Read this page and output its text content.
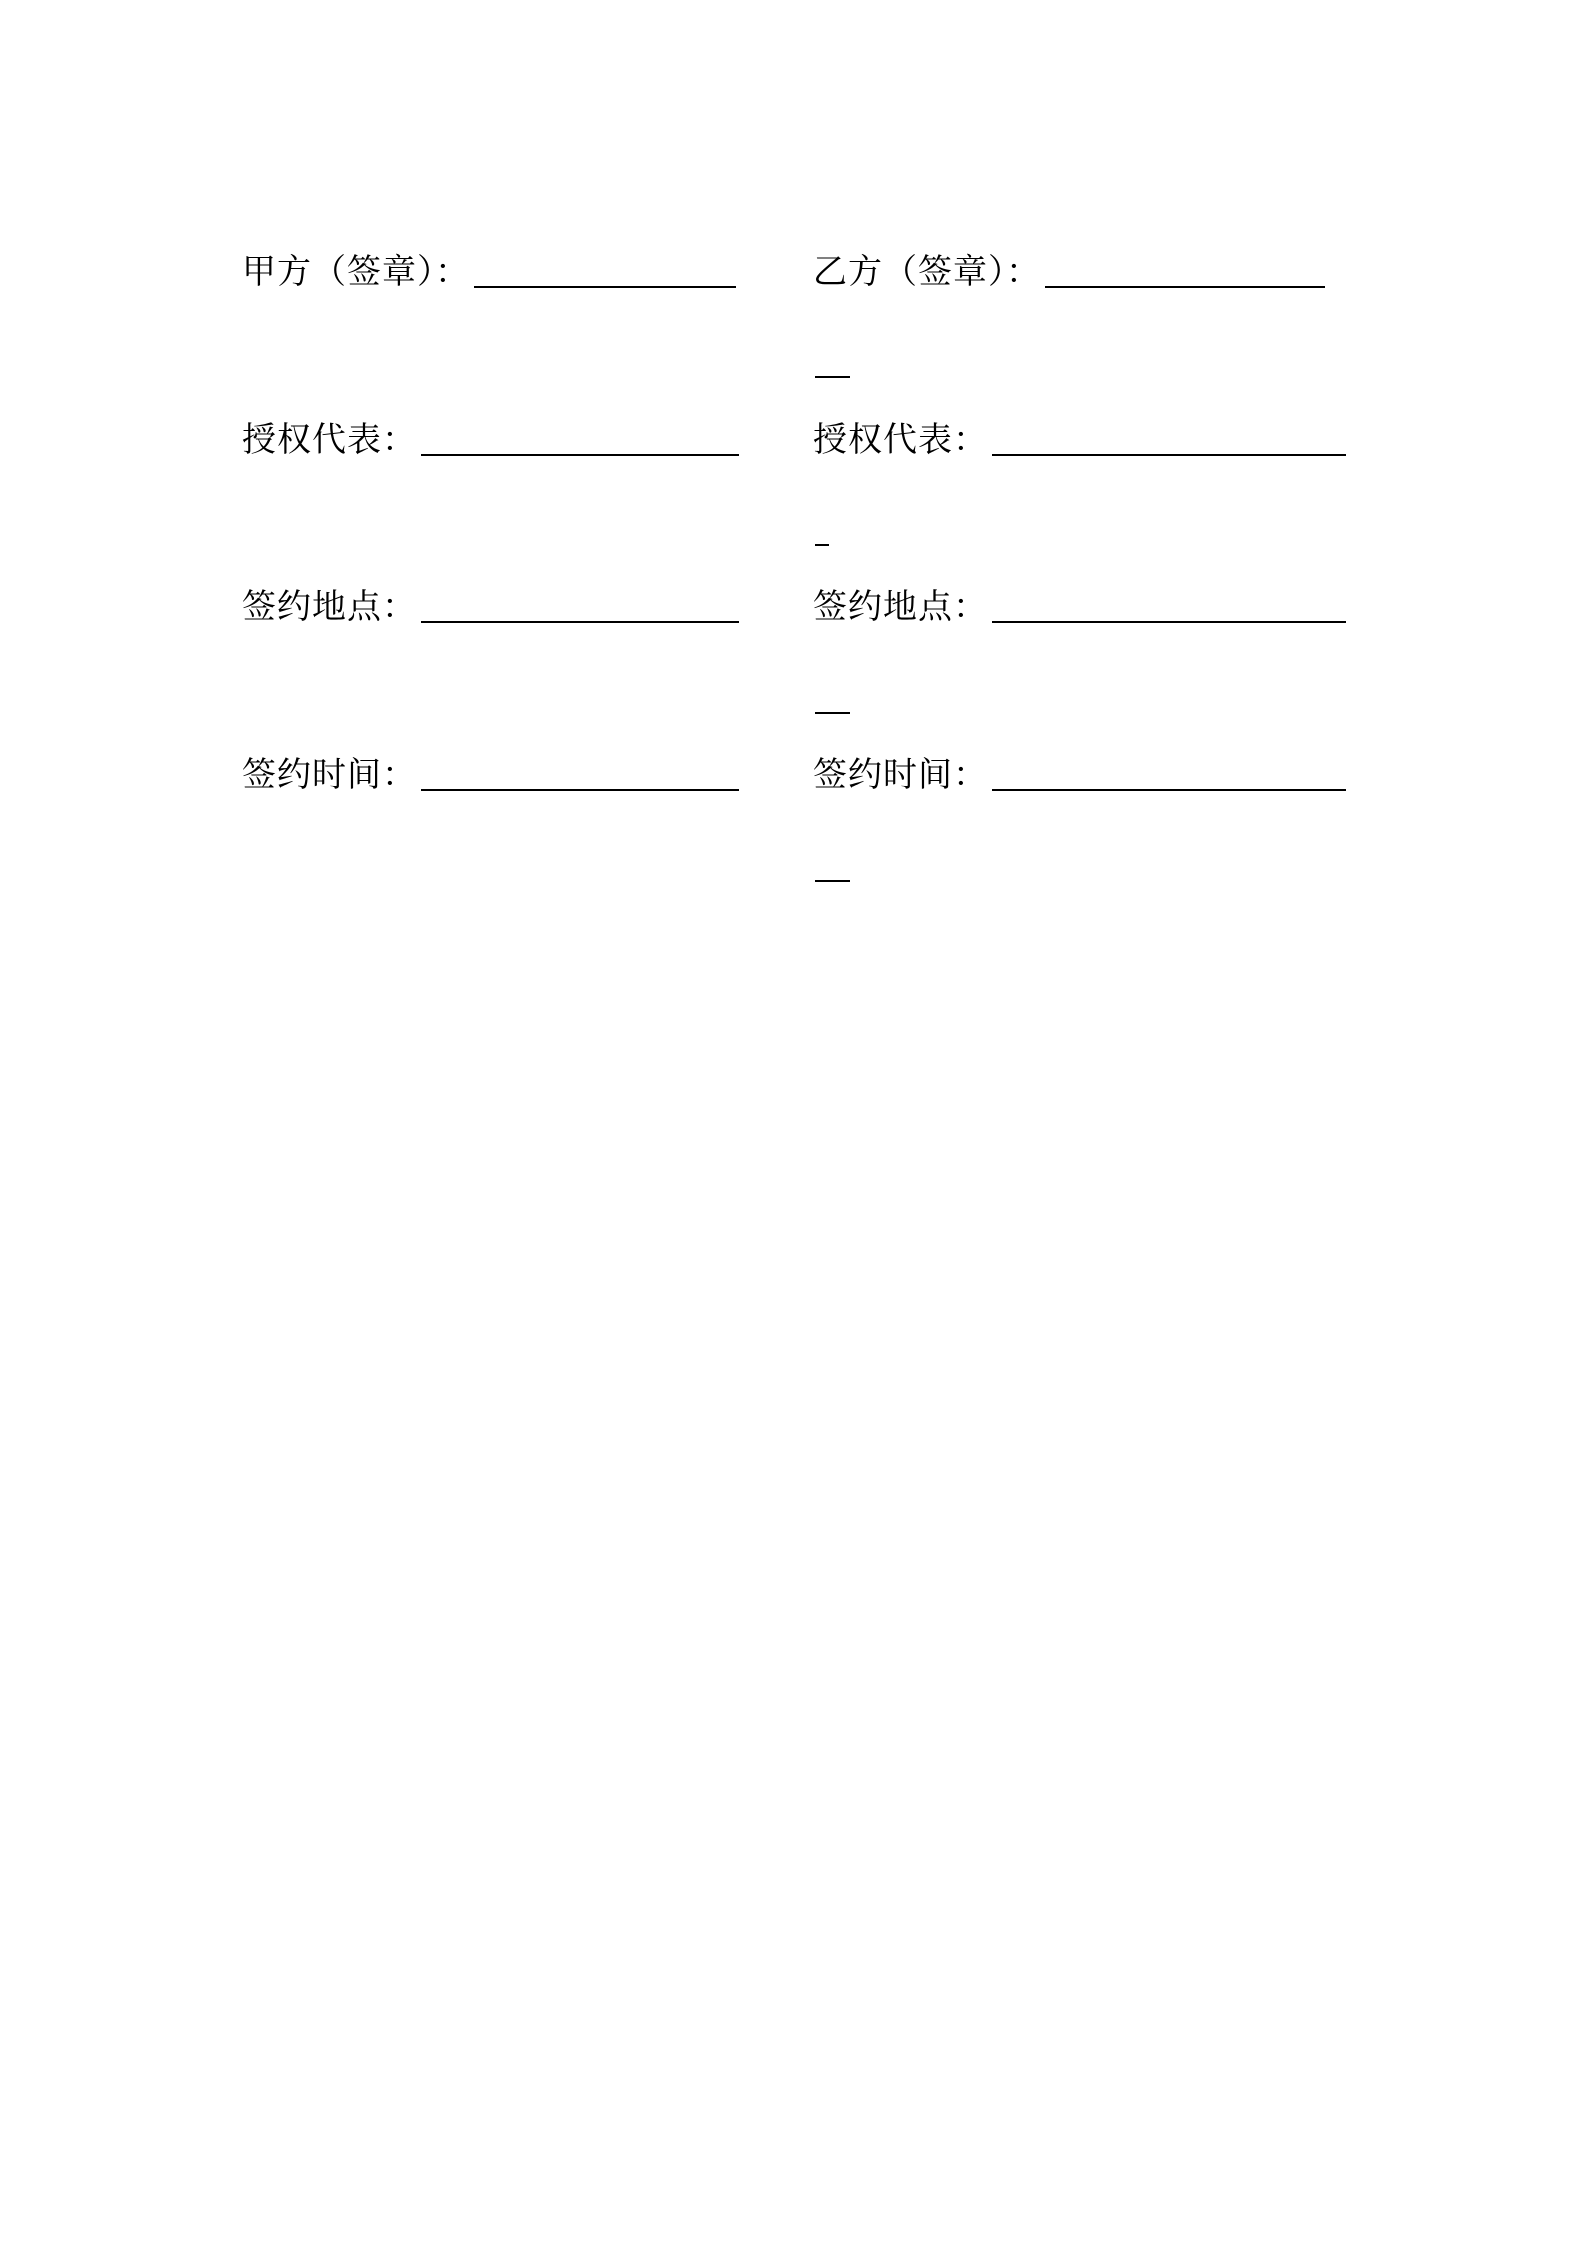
甲方（签章）：
授权代表：
签约地点：
签约时间：
乙方（签章）：
授权代表：
签约地点：
签约时间：
